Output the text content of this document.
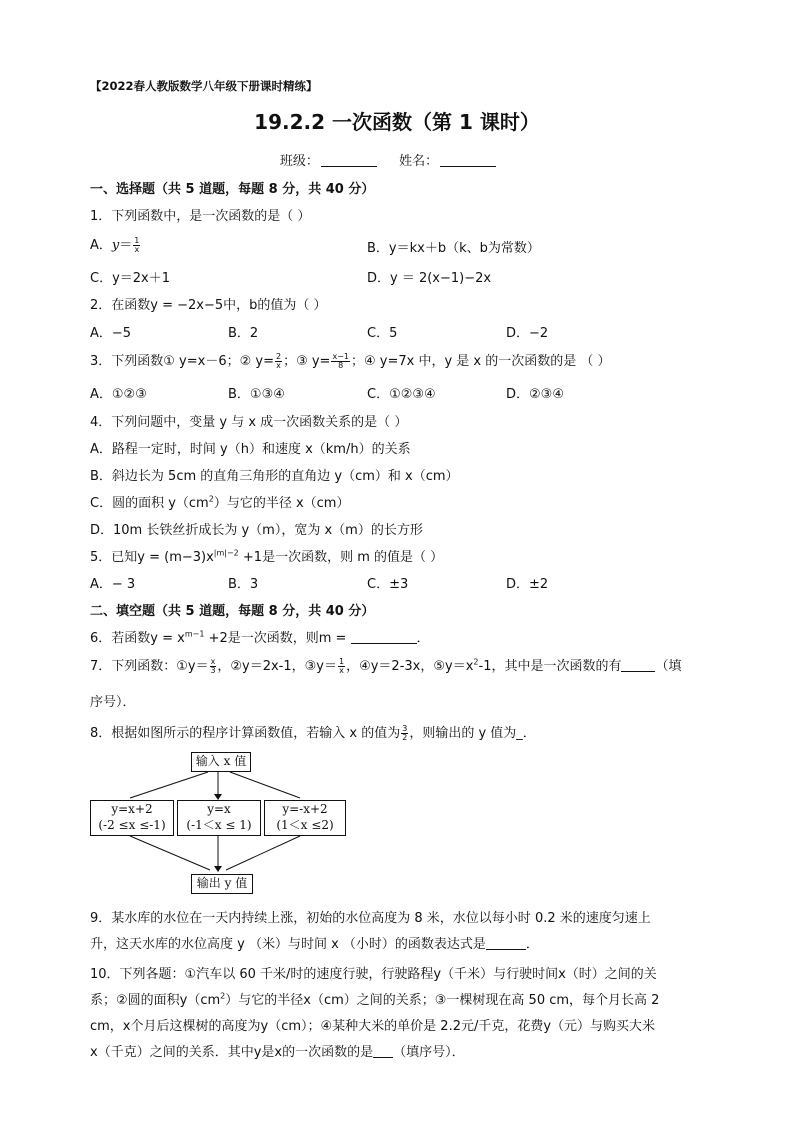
【2022春人教版数学八年级下册课时精练】
19.2.2 一次函数（第 1 课时）
班级：	姓名：
一、选择题（共 5 道题，每题 8 分，共 40 分）
1．下列函数中，是一次函数的是（ ）
A．$y= \frac{1}{x}$	B．y＝kx＋b（k、b为常数）
C．y＝2x＋1	D．y ＝ 2(x−1)−2x
2．在函数y = −2x−5中，b的值为（ ）
A．−5	B．2	C．5	D．−2
3．下列函数① y=x－6；② $y= \frac{2}{x}$ ；③ $y= \frac{x-1}{8}$ ；④ y=7x 中，y 是 x 的一次函数的是 （ ）
A．①②③	B．①③④	C．①②③④	D．②③④
4．下列问题中，变量 y 与 x 成一次函数关系的是（ ）
A．路程一定时，时间 y（h）和速度 x（km/h）的关系
B．斜边长为 5cm 的直角三角形的直角边 y（cm）和 x（cm）
C．圆的面积 $y(cm^2)$与它的半径 x（cm）
D．10m 长铁丝折成长为 y（m），宽为 x（m）的长方形
5．已知$y = (m-3)x^{|m|-2} +1$是一次函数，则 m 的值是（ ）
A．− 3	B．3	C．±3	D．±2
二、填空题（共 5 道题，每题 8 分，共 40 分）
6．若函数$y = x^{m-1} +2$是一次函数，则m =	．
7．下列函数：①y＝ $\frac{x}{3}$ ，②y＝2x-1，③y＝ $\frac{1}{x}$ ，④y＝2-3x，$⑤y=x^2-1$，其中是一次函数的有	（填
序号）．
8．根据如图所示的程序计算函数值，若输入 x 的值为 $\frac{3}{2}$ ，则输出的 y 值为_．
输入 x 值
y=x+2
(-2 ≤x ≤-1)
y=x
(-1＜x ≤ 1)
y=-x+2
(1＜x ≤2)
输出 y 值
9．某水库的水位在一天内持续上涨，初始的水位高度为 8 米，水位以每小时 0.2 米的速度匀速上
升，这天水库的水位高度 y （米）与时间 x （小时）的函数表达式是	．
10．下列各题：①汽车以 60 千米/时的速度行驶，行驶路程y（千米）与行驶时间x（时）之间的关
系；②圆的面积$y(cm^2)$与它的半径x（cm）之间的关系；③一棵树现在高 50 cm，每个月长高 2
cm，x个月后这棵树的高度为y（cm）；④某种大米的单价是 2.2元/千克，花费y（元）与购买大米
x（千克）之间的关系．其中y是x的一次函数的是 （填序号）．
